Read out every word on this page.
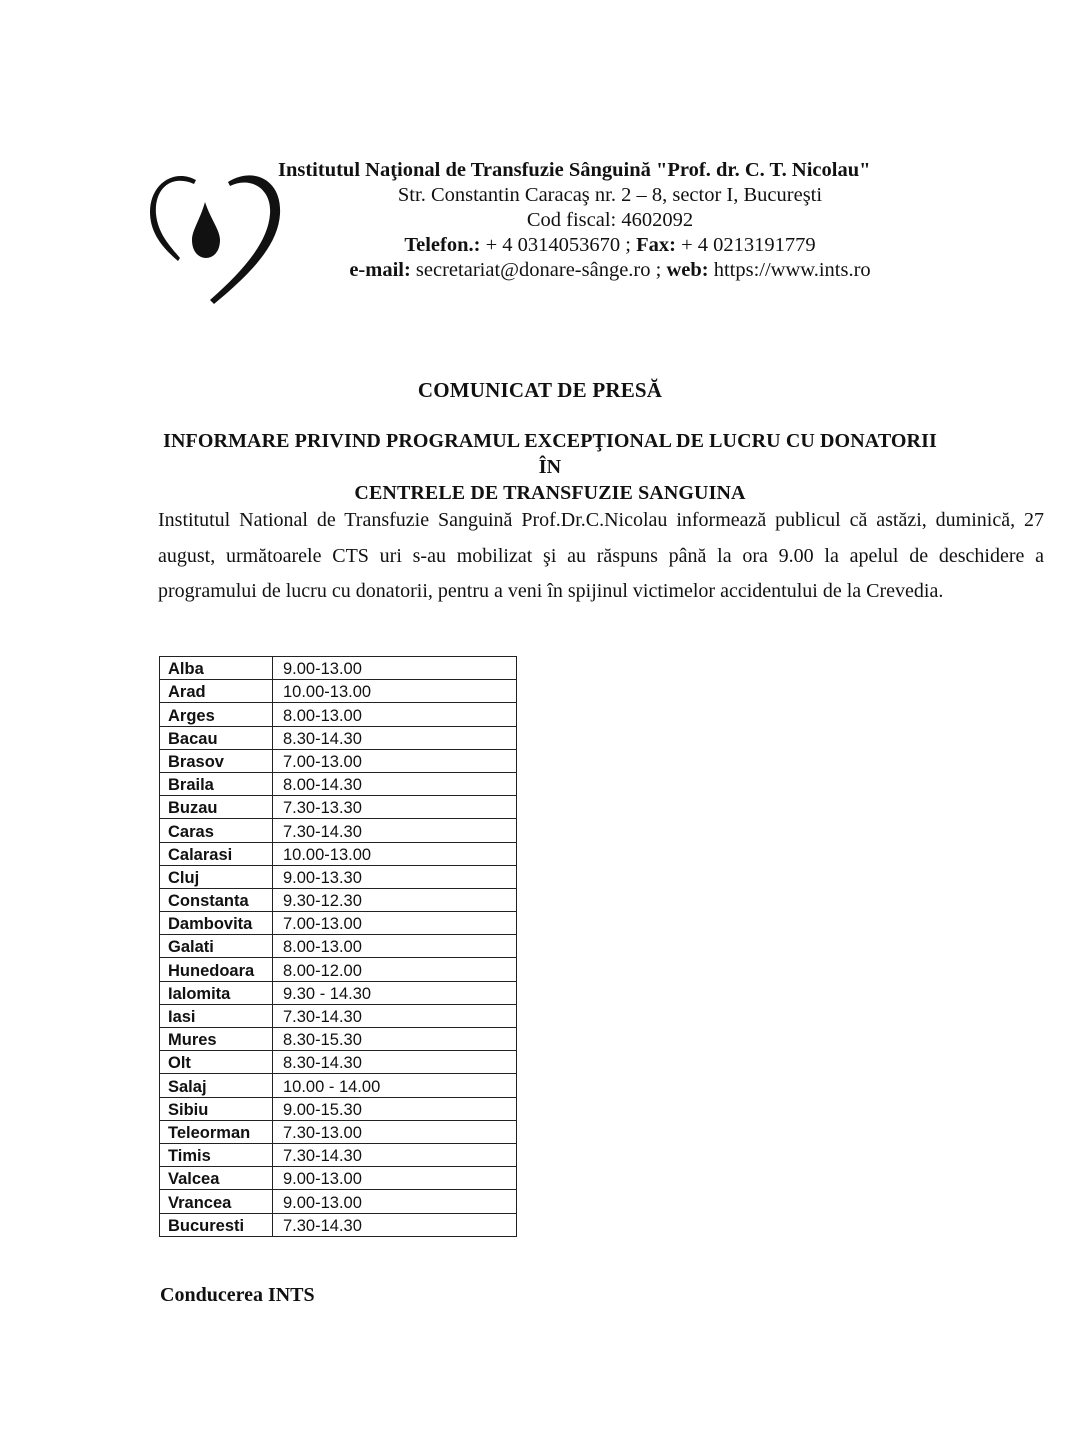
Institutul Naţional de Transfuzie Sânguină "Prof. dr. C. T. Nicolau"
Str. Constantin Caracaş nr. 2 – 8, sector I, Bucureşti
Cod fiscal: 4602092
Telefon.: + 4 0314053670 ; Fax: + 4 0213191779
e-mail: secretariat@donare-sânge.ro ; web: https://www.ints.ro
COMUNICAT DE PRESĂ
INFORMARE PRIVIND PROGRAMUL EXCEPŢIONAL DE LUCRU CU DONATORII ÎN
CENTRELE DE TRANSFUZIE SANGUINA
Institutul National de Transfuzie Sanguină Prof.Dr.C.Nicolau informează publicul că astăzi, duminică, 27 august, următoarele CTS uri s-au mobilizat şi au răspuns până la ora 9.00 la apelul de deschidere a programului de lucru cu donatorii, pentru a veni în spijinul victimelor accidentului de la Crevedia.
Alba	9.00-13.00
Arad	10.00-13.00
Arges	8.00-13.00
Bacau	8.30-14.30
Brasov	7.00-13.00
Braila	8.00-14.30
Buzau	7.30-13.30
Caras	7.30-14.30
Calarasi	10.00-13.00
Cluj	9.00-13.30
Constanta	9.30-12.30
Dambovita	7.00-13.00
Galati	8.00-13.00
Hunedoara	8.00-12.00
Ialomita	9.30 - 14.30
Iasi	7.30-14.30
Mures	8.30-15.30
Olt	8.30-14.30
Salaj	10.00 - 14.00
Sibiu	9.00-15.30
Teleorman	7.30-13.00
Timis	7.30-14.30
Valcea	9.00-13.00
Vrancea	9.00-13.00
Bucuresti	7.30-14.30
Conducerea INTS
